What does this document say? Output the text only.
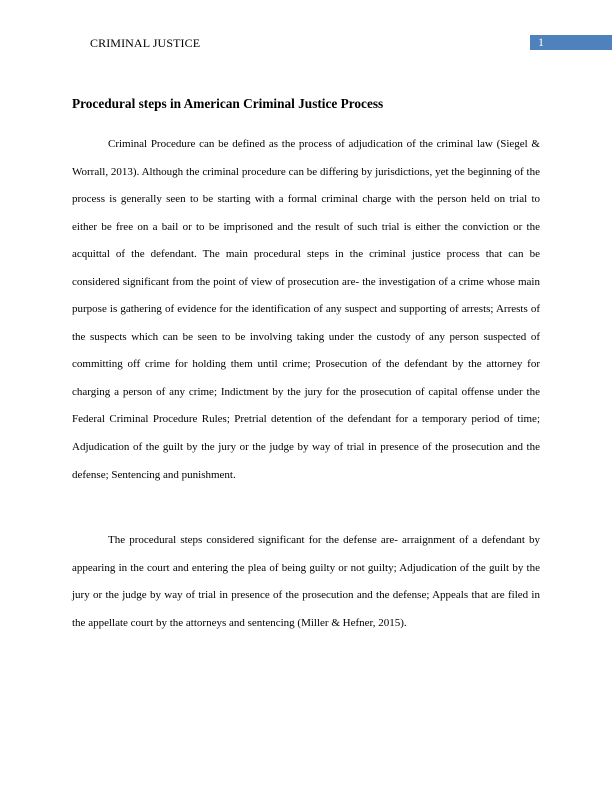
CRIMINAL JUSTICE	1
Procedural steps in American Criminal Justice Process

Criminal Procedure can be defined as the process of adjudication of the criminal law (Siegel & Worrall, 2013). Although the criminal procedure can be differing by jurisdictions, yet the beginning of the process is generally seen to be starting with a formal criminal charge with the person held on trial to either be free on a bail or to be imprisoned and the result of such trial is either the conviction or the acquittal of the defendant. The main procedural steps in the criminal justice process that can be considered significant from the point of view of prosecution are- the investigation of a crime whose main purpose is gathering of evidence for the identification of any suspect and supporting of arrests; Arrests of the suspects which can be seen to be involving taking under the custody of any person suspected of committing off crime for holding them until crime; Prosecution of the defendant by the attorney for charging a person of any crime; Indictment by the jury for the prosecution of capital offense under the Federal Criminal Procedure Rules; Pretrial detention of the defendant for a temporary period of time; Adjudication of the guilt by the jury or the judge by way of trial in presence of the prosecution and the defense; Sentencing and punishment.

The procedural steps considered significant for the defense are- arraignment of a defendant by appearing in the court and entering the plea of being guilty or not guilty; Adjudication of the guilt by the jury or the judge by way of trial in presence of the prosecution and the defense; Appeals that are filed in the appellate court by the attorneys and sentencing (Miller & Hefner, 2015).
